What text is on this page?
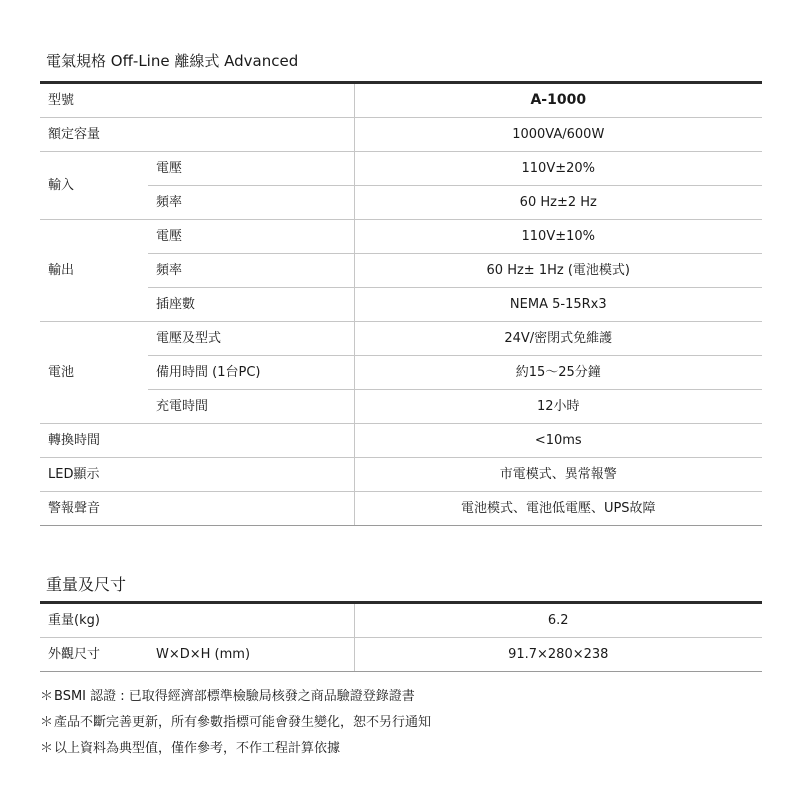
電氣規格 Off-Line 離線式 Advanced
型號		A-1000
額定容量		1000VA/600W
輸入	電壓	110V±20%
	頻率	60 Hz±2 Hz
輸出	電壓	110V±10%
	頻率	60 Hz± 1Hz (電池模式)
	插座數	NEMA 5-15Rx3
電池	電壓及型式	24V/密閉式免維護
	備用時間 (1台PC)	約15～25分鐘
	充電時間	12小時
轉換時間		<10ms
LED顯示		市電模式、異常報警
警報聲音		電池模式、電池低電壓、UPS故障
重量及尺寸
重量(kg)		6.2
外觀尺寸	W×D×H (mm)	91.7×280×238
＊BSMI 認證 : 已取得經濟部標準檢驗局核發之商品驗證登錄證書
＊產品不斷完善更新，所有參數指標可能會發生變化，恕不另行通知
＊以上資料為典型值，僅作參考，不作工程計算依據
